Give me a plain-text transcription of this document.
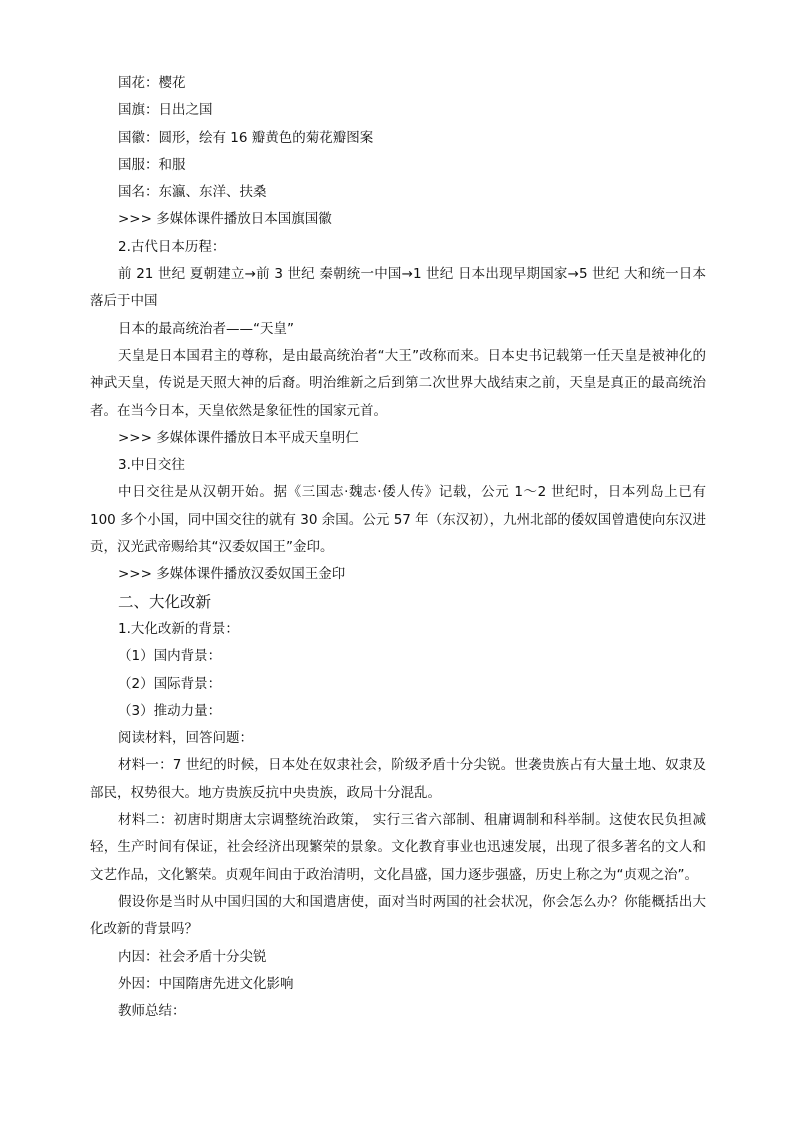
国花：樱花

国旗：日出之国

国徽：圆形，绘有 16 瓣黄色的菊花瓣图案

国服：和服

国名：东瀛、东洋、扶桑

>>> 多媒体课件播放日本国旗国徽

2.古代日本历程：

前 21 世纪 夏朝建立→前 3 世纪 秦朝统一中国→1 世纪 日本出现早期国家→5 世纪 大和统一日本　落后于中国

日本的最高统治者——“天皇”

天皇是日本国君主的尊称，是由最高统治者“大王”改称而来。日本史书记载第一任天皇是被神化的神武天皇，传说是天照大神的后裔。明治维新之后到第二次世界大战结束之前，天皇是真正的最高统治者。在当今日本，天皇依然是象征性的国家元首。

>>> 多媒体课件播放日本平成天皇明仁

3.中日交往

中日交往是从汉朝开始。据《三国志·魏志·倭人传》记载，公元 1～2 世纪时，日本列岛上已有 100 多个小国，同中国交往的就有 30 余国。公元 57 年（东汉初），九州北部的倭奴国曾遣使向东汉进贡，汉光武帝赐给其“汉委奴国王”金印。

>>> 多媒体课件播放汉委奴国王金印

二、大化改新

1.大化改新的背景：

（1）国内背景：

（2）国际背景：

（3）推动力量：

阅读材料，回答问题：

材料一：7 世纪的时候，日本处在奴隶社会，阶级矛盾十分尖锐。世袭贵族占有大量土地、奴隶及部民，权势很大。地方贵族反抗中央贵族，政局十分混乱。

材料二：初唐时期唐太宗调整统治政策， 实行三省六部制、租庸调制和科举制。这使农民负担减轻，生产时间有保证，社会经济出现繁荣的景象。文化教育事业也迅速发展，出现了很多著名的文人和文艺作品，文化繁荣。贞观年间由于政治清明，文化昌盛，国力逐步强盛，历史上称之为“贞观之治”。

假设你是当时从中国归国的大和国遣唐使，面对当时两国的社会状况，你会怎么办？你能概括出大化改新的背景吗？

内因：社会矛盾十分尖锐

外因：中国隋唐先进文化影响

教师总结：
